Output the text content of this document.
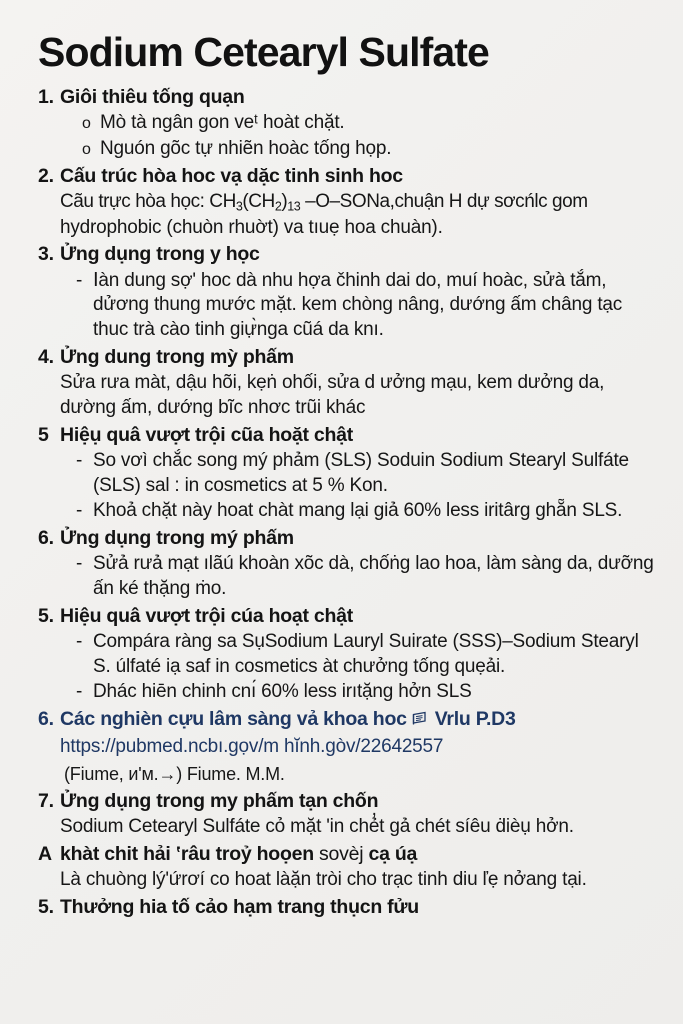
Sodium Cetearyl Sulfate
1. Giôi thiêu tống quạn
o Mò tà ngân gon veᵗ hoàt chặt.
o Nguón gõc tự nhiẽn hoàc tống họp.
2. Cấu trúc hòa hoc vạ dặc tinh sinh hoc
Cãu trực hòa học: $CH_3(CH_2)_{13}$ –O–SONa,chuận H dự sơcńlc gom
hydrophobic (chuòn rhuờt) va tıuẹ hoa chuàn).
3. Ửng dụng trong y học
- Ⅰàn dung sợ' hoc dà nhu hợa čhinh dai do, muí hoàc, sửà tắm, dửơng thung mước mặt. kem chòng nâng, dướng ấm châng tạc thuc trà cào tinh giự̀nga cũá da knı.
4. Ửng dung trong mỳ phấm
Sửa rưa màt, dậu hõi, kẹṅ ohối, sửa d ưởng mạu, kem dưởng da, dường ấm, dướng bĩc nhơc trũi khác
5 Hiệụ quâ vượt trội cũa hoặt chật
- So vơì chắc song mý phảm (SLS) Soduin Sodium Stearyl Sulfáte (SLS) sal : in cosmetics at 5 % Kon.
- Khoả chặt này hoat chàt mang lại giả 60% less iritârg ghẵn SLS.
6. Ửng dụng trong mý phấm
- Sửả rưả mạt ılãú khoàn xõc dà, chốṅg lao hoa, làm sàng da, dưỡng ấn ké thặng ṁo.
5. Hiệu quâ vượt trội cúa hoạt chật
- Compára ràng sa SụSodium Lauryl Suirate (SSS)–Sodium Stearyl S. úlfaté iạ saf in cosmetics àt chưởng tống quẹải.
- Dhác hiēn chinh cnı́ 60% less irıtặng hởn SLS
6. Các nghièn cựu lâm sàng vả khoa hoc Vrlu P.D3
https://pubmed.ncbı.gọv/m hĭnh.gòv/22642557
(Fiume, ᴎ'ᴍ.→) Fiume. M.M.
7. Ửng dụng trong my phấm tạn chốn
Sodium Cetearyl Sulfáte cỏ mặt 'in chẻ̓t gả chét síêu ḋièụ hởn.
A khàt chit hải ʽrâu troỷ hoọen sovèj cạ úạ
Là chuòng lý'ứrơí co hoat làặn tròi cho trạc tinh diu ľẹ nởang tại.
5. Thưởng hia tố cảo hạm trang thụcn fửu
